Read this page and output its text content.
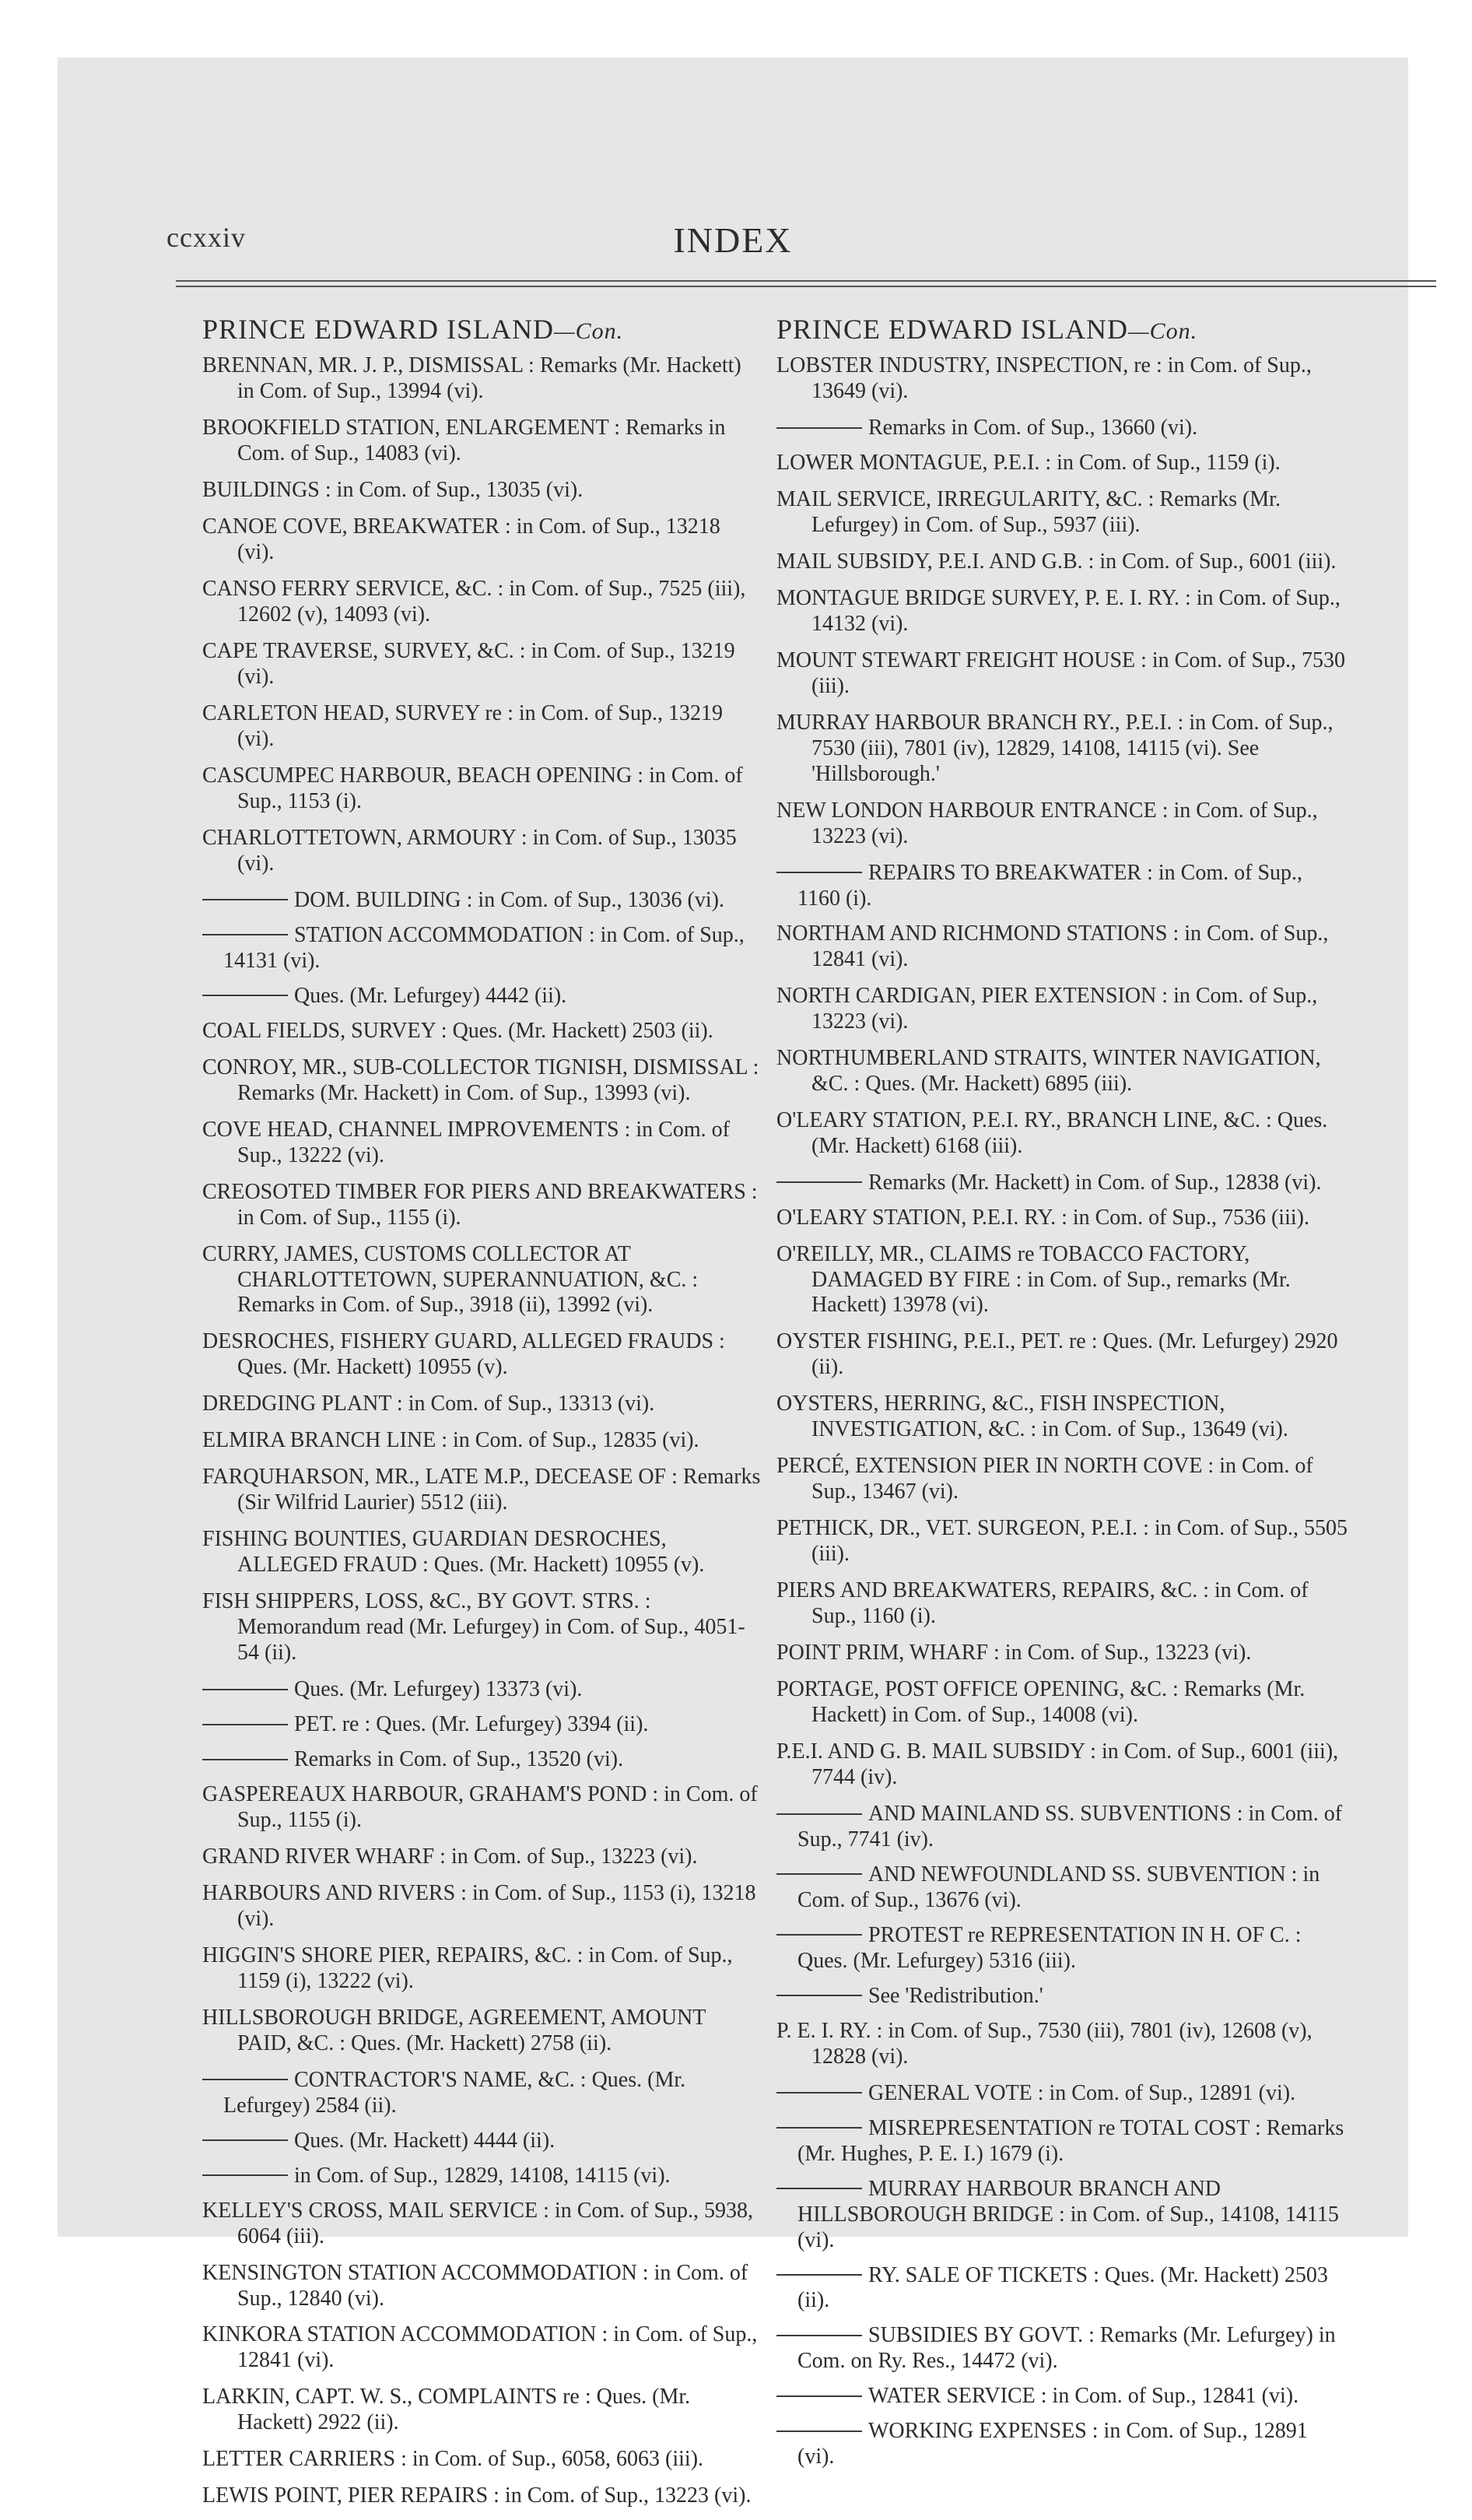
ccxxiv	INDEX
PRINCE EDWARD ISLAND—Con.
BRENNAN, MR. J. P., DISMISSAL : Remarks (Mr. Hackett) in Com. of Sup., 13994 (vi).
BROOKFIELD STATION, ENLARGEMENT : Remarks in Com. of Sup., 14083 (vi).
BUILDINGS : in Com. of Sup., 13035 (vi).
CANOE COVE, BREAKWATER : in Com. of Sup., 13218 (vi).
CANSO FERRY SERVICE, &C. : in Com. of Sup., 7525 (iii), 12602 (v), 14093 (vi).
CAPE TRAVERSE, SURVEY, &C. : in Com. of Sup., 13219 (vi).
CARLETON HEAD, SURVEY re : in Com. of Sup., 13219 (vi).
CASCUMPEC HARBOUR, BEACH OPENING : in Com. of Sup., 1153 (i).
CHARLOTTETOWN, ARMOURY : in Com. of Sup., 13035 (vi).
DOM. BUILDING : in Com. of Sup., 13036 (vi).
STATION ACCOMMODATION : in Com. of Sup., 14131 (vi).
Ques. (Mr. Lefurgey) 4442 (ii).
COAL FIELDS, SURVEY : Ques. (Mr. Hackett) 2503 (ii).
CONROY, MR., SUB-COLLECTOR TIGNISH, DISMISSAL : Remarks (Mr. Hackett) in Com. of Sup., 13993 (vi).
COVE HEAD, CHANNEL IMPROVEMENTS : in Com. of Sup., 13222 (vi).
CREOSOTED TIMBER FOR PIERS AND BREAKWATERS : in Com. of Sup., 1155 (i).
CURRY, JAMES, CUSTOMS COLLECTOR AT CHARLOTTETOWN, SUPERANNUATION, &C. : Remarks in Com. of Sup., 3918 (ii), 13992 (vi).
DESROCHES, FISHERY GUARD, ALLEGED FRAUDS : Ques. (Mr. Hackett) 10955 (v).
DREDGING PLANT : in Com. of Sup., 13313 (vi).
ELMIRA BRANCH LINE : in Com. of Sup., 12835 (vi).
FARQUHARSON, MR., LATE M.P., DECEASE OF : Remarks (Sir Wilfrid Laurier) 5512 (iii).
FISHING BOUNTIES, GUARDIAN DESROCHES, ALLEGED FRAUD : Ques. (Mr. Hackett) 10955 (v).
FISH SHIPPERS, LOSS, &C., BY GOVT. STRS. : Memorandum read (Mr. Lefurgey) in Com. of Sup., 4051-54 (ii).
Ques. (Mr. Lefurgey) 13373 (vi).
PET. re : Ques. (Mr. Lefurgey) 3394 (ii).
Remarks in Com. of Sup., 13520 (vi).
GASPEREAUX HARBOUR, GRAHAM'S POND : in Com. of Sup., 1155 (i).
GRAND RIVER WHARF : in Com. of Sup., 13223 (vi).
HARBOURS AND RIVERS : in Com. of Sup., 1153 (i), 13218 (vi).
HIGGIN'S SHORE PIER, REPAIRS, &C. : in Com. of Sup., 1159 (i), 13222 (vi).
HILLSBOROUGH BRIDGE, AGREEMENT, AMOUNT PAID, &C. : Ques. (Mr. Hackett) 2758 (ii).
CONTRACTOR'S NAME, &C. : Ques. (Mr. Lefurgey) 2584 (ii).
Ques. (Mr. Hackett) 4444 (ii).
in Com. of Sup., 12829, 14108, 14115 (vi).
KELLEY'S CROSS, MAIL SERVICE : in Com. of Sup., 5938, 6064 (iii).
KENSINGTON STATION ACCOMMODATION : in Com. of Sup., 12840 (vi).
KINKORA STATION ACCOMMODATION : in Com. of Sup., 12841 (vi).
LARKIN, CAPT. W. S., COMPLAINTS re : Ques. (Mr. Hackett) 2922 (ii).
LETTER CARRIERS : in Com. of Sup., 6058, 6063 (iii).
LEWIS POINT, PIER REPAIRS : in Com. of Sup., 13223 (vi).
PRINCE EDWARD ISLAND—Con.
LOBSTER INDUSTRY, INSPECTION, re : in Com. of Sup., 13649 (vi).
Remarks in Com. of Sup., 13660 (vi).
LOWER MONTAGUE, P.E.I. : in Com. of Sup., 1159 (i).
MAIL SERVICE, IRREGULARITY, &C. : Remarks (Mr. Lefurgey) in Com. of Sup., 5937 (iii).
MAIL SUBSIDY, P.E.I. AND G.B. : in Com. of Sup., 6001 (iii).
MONTAGUE BRIDGE SURVEY, P. E. I. RY. : in Com. of Sup., 14132 (vi).
MOUNT STEWART FREIGHT HOUSE : in Com. of Sup., 7530 (iii).
MURRAY HARBOUR BRANCH RY., P.E.I. : in Com. of Sup., 7530 (iii), 7801 (iv), 12829, 14108, 14115 (vi). See 'Hillsborough.'
NEW LONDON HARBOUR ENTRANCE : in Com. of Sup., 13223 (vi).
REPAIRS TO BREAKWATER : in Com. of Sup., 1160 (i).
NORTHAM AND RICHMOND STATIONS : in Com. of Sup., 12841 (vi).
NORTH CARDIGAN, PIER EXTENSION : in Com. of Sup., 13223 (vi).
NORTHUMBERLAND STRAITS, WINTER NAVIGATION, &C. : Ques. (Mr. Hackett) 6895 (iii).
O'LEARY STATION, P.E.I. RY., BRANCH LINE, &C. : Ques. (Mr. Hackett) 6168 (iii).
Remarks (Mr. Hackett) in Com. of Sup., 12838 (vi).
O'LEARY STATION, P.E.I. RY. : in Com. of Sup., 7536 (iii).
O'REILLY, MR., CLAIMS re TOBACCO FACTORY, DAMAGED BY FIRE : in Com. of Sup., remarks (Mr. Hackett) 13978 (vi).
OYSTER FISHING, P.E.I., PET. re : Ques. (Mr. Lefurgey) 2920 (ii).
OYSTERS, HERRING, &C., FISH INSPECTION, INVESTIGATION, &C. : in Com. of Sup., 13649 (vi).
PERCÉ, EXTENSION PIER IN NORTH COVE : in Com. of Sup., 13467 (vi).
PETHICK, DR., VET. SURGEON, P.E.I. : in Com. of Sup., 5505 (iii).
PIERS AND BREAKWATERS, REPAIRS, &C. : in Com. of Sup., 1160 (i).
POINT PRIM, WHARF : in Com. of Sup., 13223 (vi).
PORTAGE, POST OFFICE OPENING, &C. : Remarks (Mr. Hackett) in Com. of Sup., 14008 (vi).
P.E.I. AND G. B. MAIL SUBSIDY : in Com. of Sup., 6001 (iii), 7744 (iv).
AND MAINLAND SS. SUBVENTIONS : in Com. of Sup., 7741 (iv).
AND NEWFOUNDLAND SS. SUBVENTION : in Com. of Sup., 13676 (vi).
PROTEST re REPRESENTATION IN H. OF C. : Ques. (Mr. Lefurgey) 5316 (iii).
See 'Redistribution.'
P. E. I. RY. : in Com. of Sup., 7530 (iii), 7801 (iv), 12608 (v), 12828 (vi).
GENERAL VOTE : in Com. of Sup., 12891 (vi).
MISREPRESENTATION re TOTAL COST : Remarks (Mr. Hughes, P. E. I.) 1679 (i).
MURRAY HARBOUR BRANCH AND HILLSBOROUGH BRIDGE : in Com. of Sup., 14108, 14115 (vi).
RY. SALE OF TICKETS : Ques. (Mr. Hackett) 2503 (ii).
SUBSIDIES BY GOVT. : Remarks (Mr. Lefurgey) in Com. on Ry. Res., 14472 (vi).
WATER SERVICE : in Com. of Sup., 12841 (vi).
WORKING EXPENSES : in Com. of Sup., 12891 (vi).
